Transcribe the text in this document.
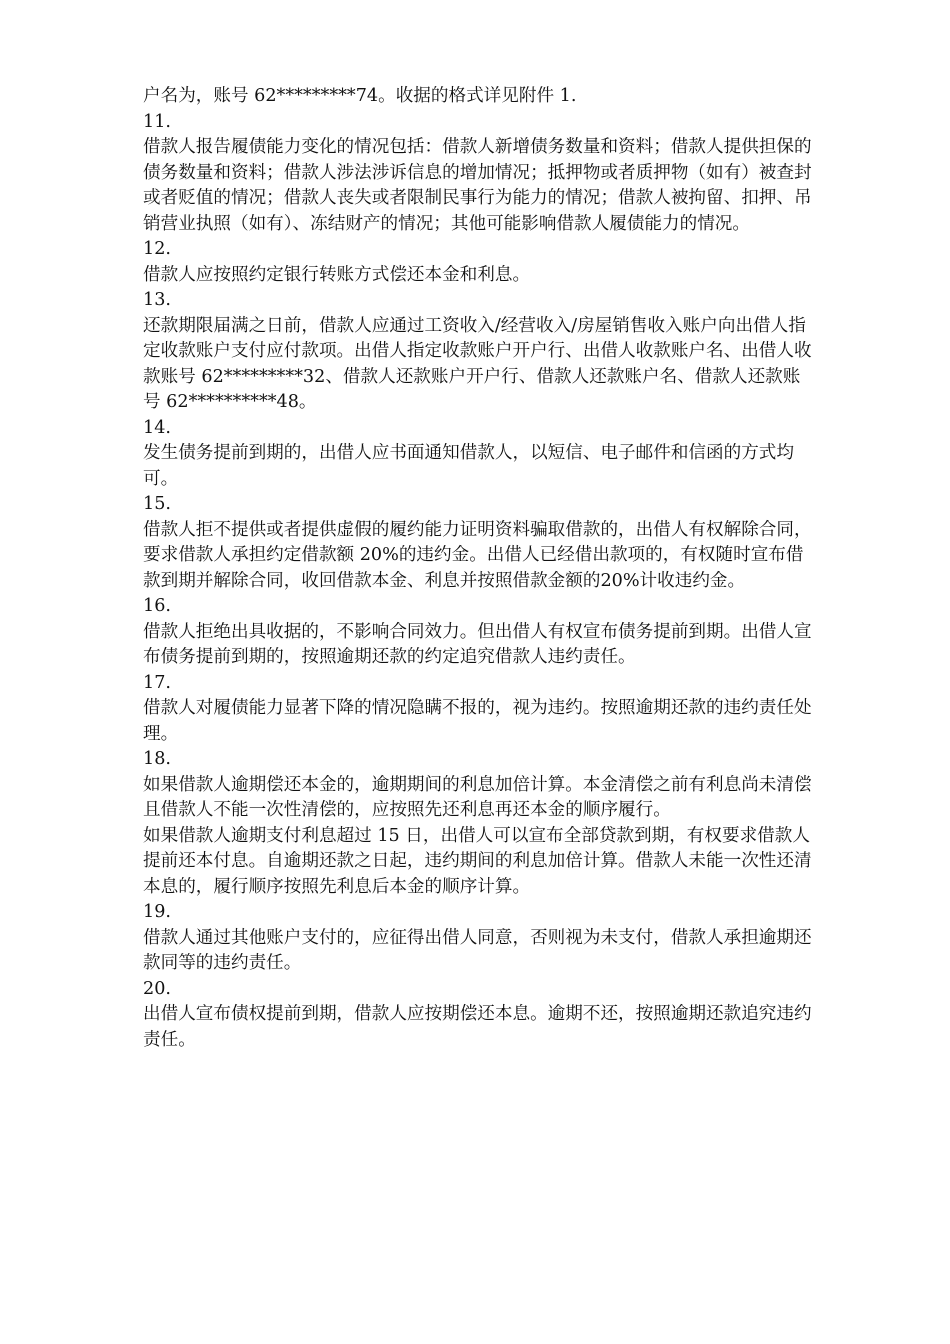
户名为，账号 62*********74。收据的格式详见附件 1.

11.

借款人报告履债能力变化的情况包括：借款人新增债务数量和资料；借款人提供担保的债务数量和资料；借款人涉法涉诉信息的增加情况；抵押物或者质押物（如有）被查封或者贬值的情况；借款人丧失或者限制民事行为能力的情况；借款人被拘留、扣押、吊销营业执照（如有）、冻结财产的情况；其他可能影响借款人履债能力的情况。

12.

借款人应按照约定银行转账方式偿还本金和利息。

13.

还款期限届满之日前，借款人应通过工资收入/经营收入/房屋销售收入账户向出借人指定收款账户支付应付款项。出借人指定收款账户开户行、出借人收款账户名、出借人收款账号 62*********32、借款人还款账户开户行、借款人还款账户名、借款人还款账号 62**********48。

14.

发生债务提前到期的，出借人应书面通知借款人，以短信、电子邮件和信函的方式均可。

15.

借款人拒不提供或者提供虚假的履约能力证明资料骗取借款的，出借人有权解除合同，要求借款人承担约定借款额 20%的违约金。出借人已经借出款项的，有权随时宣布借款到期并解除合同，收回借款本金、利息并按照借款金额的20%计收违约金。

16.

借款人拒绝出具收据的，不影响合同效力。但出借人有权宣布债务提前到期。出借人宣布债务提前到期的，按照逾期还款的约定追究借款人违约责任。

17.

借款人对履债能力显著下降的情况隐瞒不报的，视为违约。按照逾期还款的违约责任处理。

18.

如果借款人逾期偿还本金的，逾期期间的利息加倍计算。本金清偿之前有利息尚未清偿且借款人不能一次性清偿的，应按照先还利息再还本金的顺序履行。

如果借款人逾期支付利息超过 15 日，出借人可以宣布全部贷款到期，有权要求借款人提前还本付息。自逾期还款之日起，违约期间的利息加倍计算。借款人未能一次性还清本息的，履行顺序按照先利息后本金的顺序计算。

19.

借款人通过其他账户支付的，应征得出借人同意，否则视为未支付，借款人承担逾期还款同等的违约责任。

20.

出借人宣布债权提前到期，借款人应按期偿还本息。逾期不还，按照逾期还款追究违约责任。
